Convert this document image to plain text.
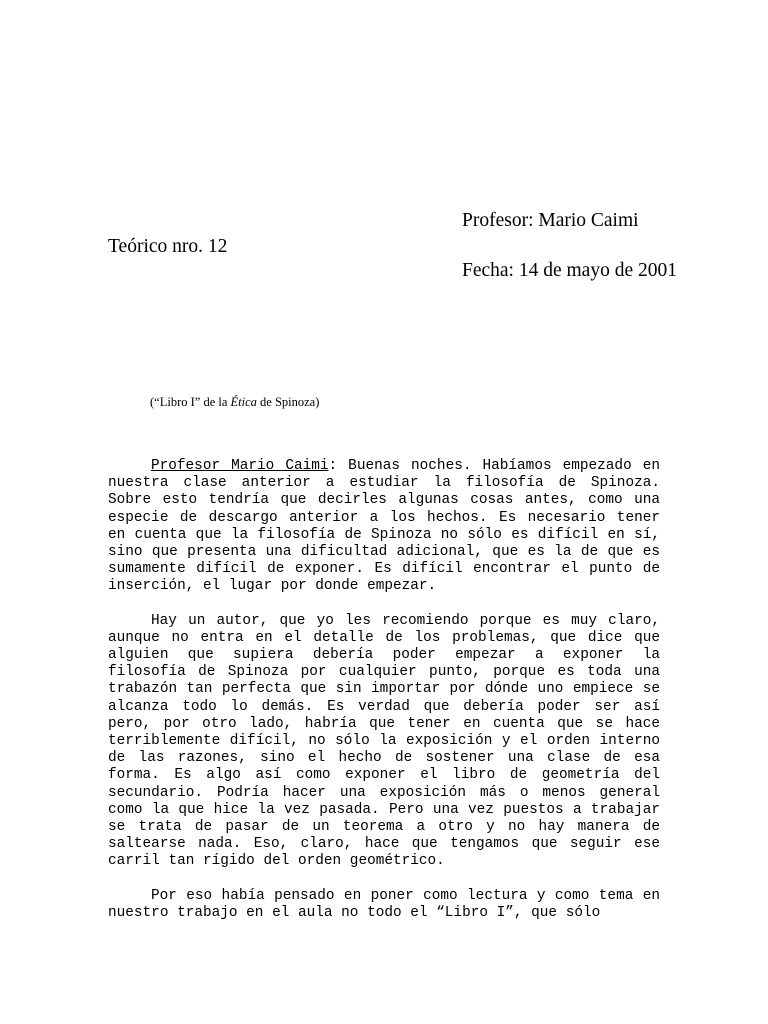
Profesor: Mario Caimi
Teórico nro. 12
Fecha: 14 de mayo de 2001
(“Libro I” de la Ética de Spinoza)

Profesor Mario Caimi: Buenas noches. Habíamos empezado en nuestra clase anterior a estudiar la filosofía de Spinoza. Sobre esto tendría que decirles algunas cosas antes, como una especie de descargo anterior a los hechos. Es necesario tener en cuenta que la filosofía de Spinoza no sólo es difícil en sí, sino que presenta una dificultad adicional, que es la de que es sumamente difícil de exponer. Es difícil encontrar el punto de inserción, el lugar por donde empezar.

Hay un autor, que yo les recomiendo porque es muy claro, aunque no entra en el detalle de los problemas, que dice que alguien que supiera debería poder empezar a exponer la filosofía de Spinoza por cualquier punto, porque es toda una trabazón tan perfecta que sin importar por dónde uno empiece se alcanza todo lo demás. Es verdad que debería poder ser así pero, por otro lado, habría que tener en cuenta que se hace terriblemente difícil, no sólo la exposición y el orden interno de las razones, sino el hecho de sostener una clase de esa forma. Es algo así como exponer el libro de geometría del secundario. Podría hacer una exposición más o menos general como la que hice la vez pasada. Pero una vez puestos a trabajar se trata de pasar de un teorema a otro y no hay manera de saltearse nada. Eso, claro, hace que tengamos que seguir ese carril tan rígido del orden geométrico.

Por eso había pensado en poner como lectura y como tema en nuestro trabajo en el aula no todo el “Libro I”, que sólo
